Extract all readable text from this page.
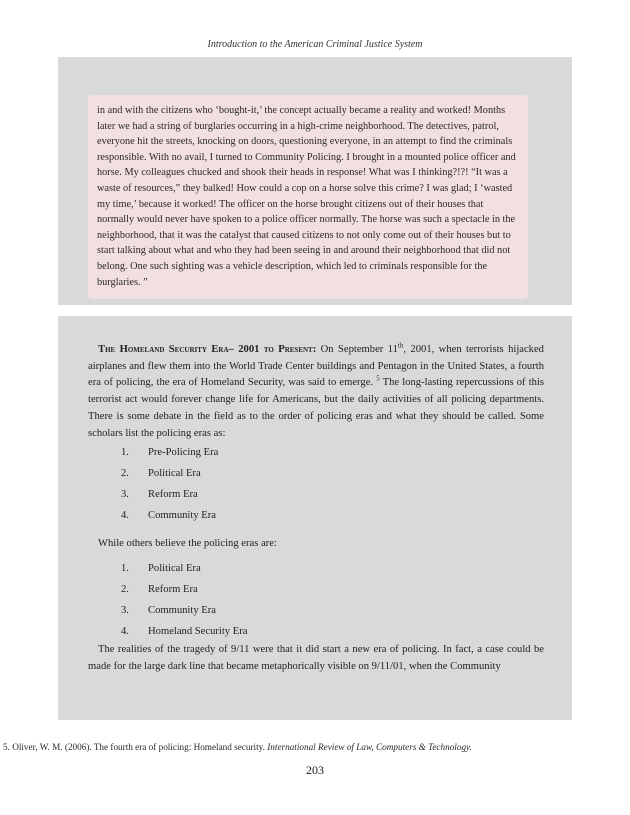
Introduction to the American Criminal Justice System
in and with the citizens who ‘bought-it,’ the concept actually became a reality and worked! Months later we had a string of burglaries occurring in a high-crime neighborhood. The detectives, patrol, everyone hit the streets, knocking on doors, questioning everyone, in an attempt to find the criminals responsible. With no avail, I turned to Community Policing. I brought in a mounted police officer and horse. My colleagues chucked and shook their heads in response! What was I thinking?!?! “It was a waste of resources,” they balked! How could a cop on a horse solve this crime? I was glad; I ‘wasted my time,’ because it worked! The officer on the horse brought citizens out of their houses that normally would never have spoken to a police officer normally. The horse was such a spectacle in the neighborhood, that it was the catalyst that caused citizens to not only come out of their houses but to start talking about what and who they had been seeing in and around their neighborhood that did not belong. One such sighting was a vehicle description, which led to criminals responsible for the burglaries. ”

The Homeland Security Era– 2001 to Present: On September 11th, 2001, when terrorists hijacked airplanes and flew them into the World Trade Center buildings and Pentagon in the United States, a fourth era of policing, the era of Homeland Security, was said to emerge. $^5$ The long-lasting repercussions of this terrorist act would forever change life for Americans, but the daily activities of all policing departments. There is some debate in the field as to the order of policing eras and what they should be called. Some scholars list the policing eras as:

1.	Pre-Policing Era
2.	Political Era
3.	Reform Era
4.	Community Era

While others believe the policing eras are:

1.	Political Era
2.	Reform Era
3.	Community Era
4.	Homeland Security Era

The realities of the tragedy of 9/11 were that it did start a new era of policing. In fact, a case could be made for the large dark line that became metaphorically visible on 9/11/01, when the Community

5. Oliver, W. M. (2006). The fourth era of policing: Homeland security. International Review of Law, Computers & Technology.
203
